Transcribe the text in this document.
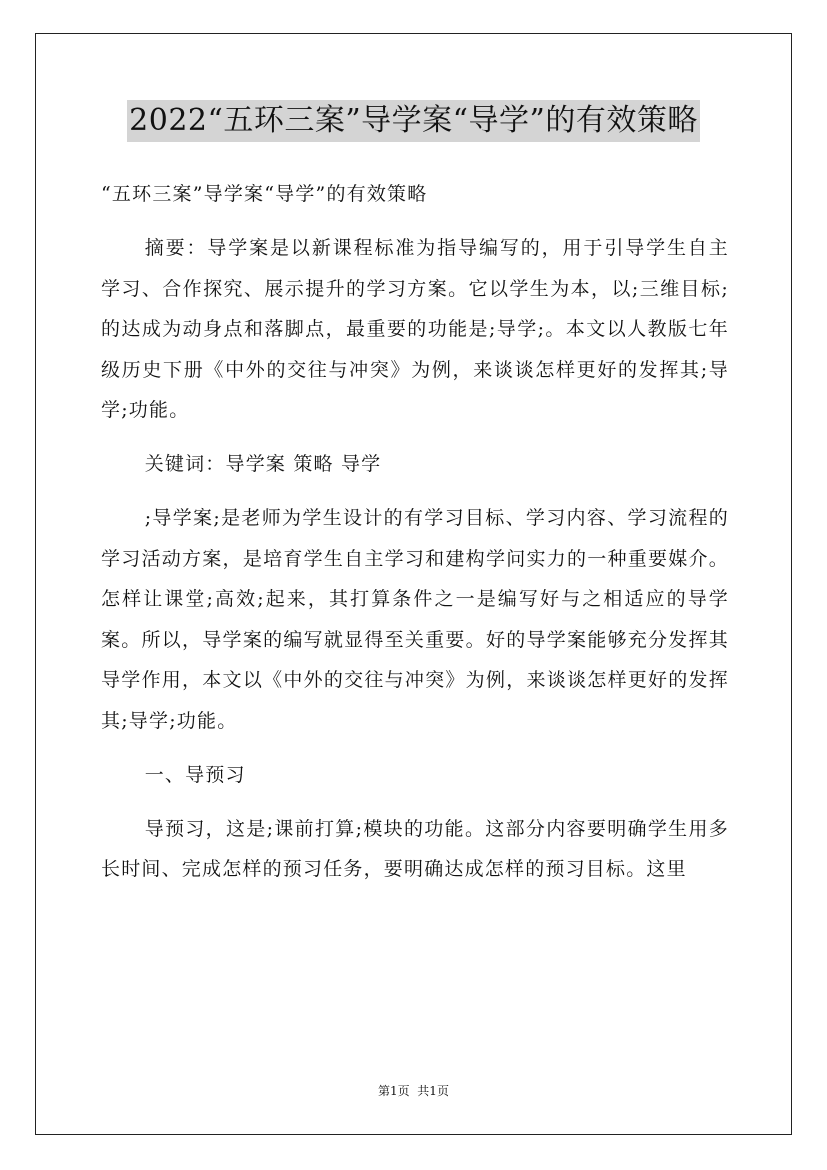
2022“五环三案”导学案“导学”的有效策略

“五环三案”导学案“导学”的有效策略

摘要：导学案是以新课程标准为指导编写的，用于引导学生自主学习、合作探究、展示提升的学习方案。它以学生为本，以;三维目标;的达成为动身点和落脚点，最重要的功能是;导学;。本文以人教版七年级历史下册《中外的交往与冲突》为例，来谈谈怎样更好的发挥其;导学;功能。

关键词：导学案 策略 导学

;导学案;是老师为学生设计的有学习目标、学习内容、学习流程的学习活动方案，是培育学生自主学习和建构学问实力的一种重要媒介。怎样让课堂;高效;起来，其打算条件之一是编写好与之相适应的导学案。所以，导学案的编写就显得至关重要。好的导学案能够充分发挥其导学作用，本文以《中外的交往与冲突》为例，来谈谈怎样更好的发挥其;导学;功能。

一、导预习

导预习，这是;课前打算;模块的功能。这部分内容要明确学生用多长时间、完成怎样的预习任务，要明确达成怎样的预习目标。这里

第1页  共1页
